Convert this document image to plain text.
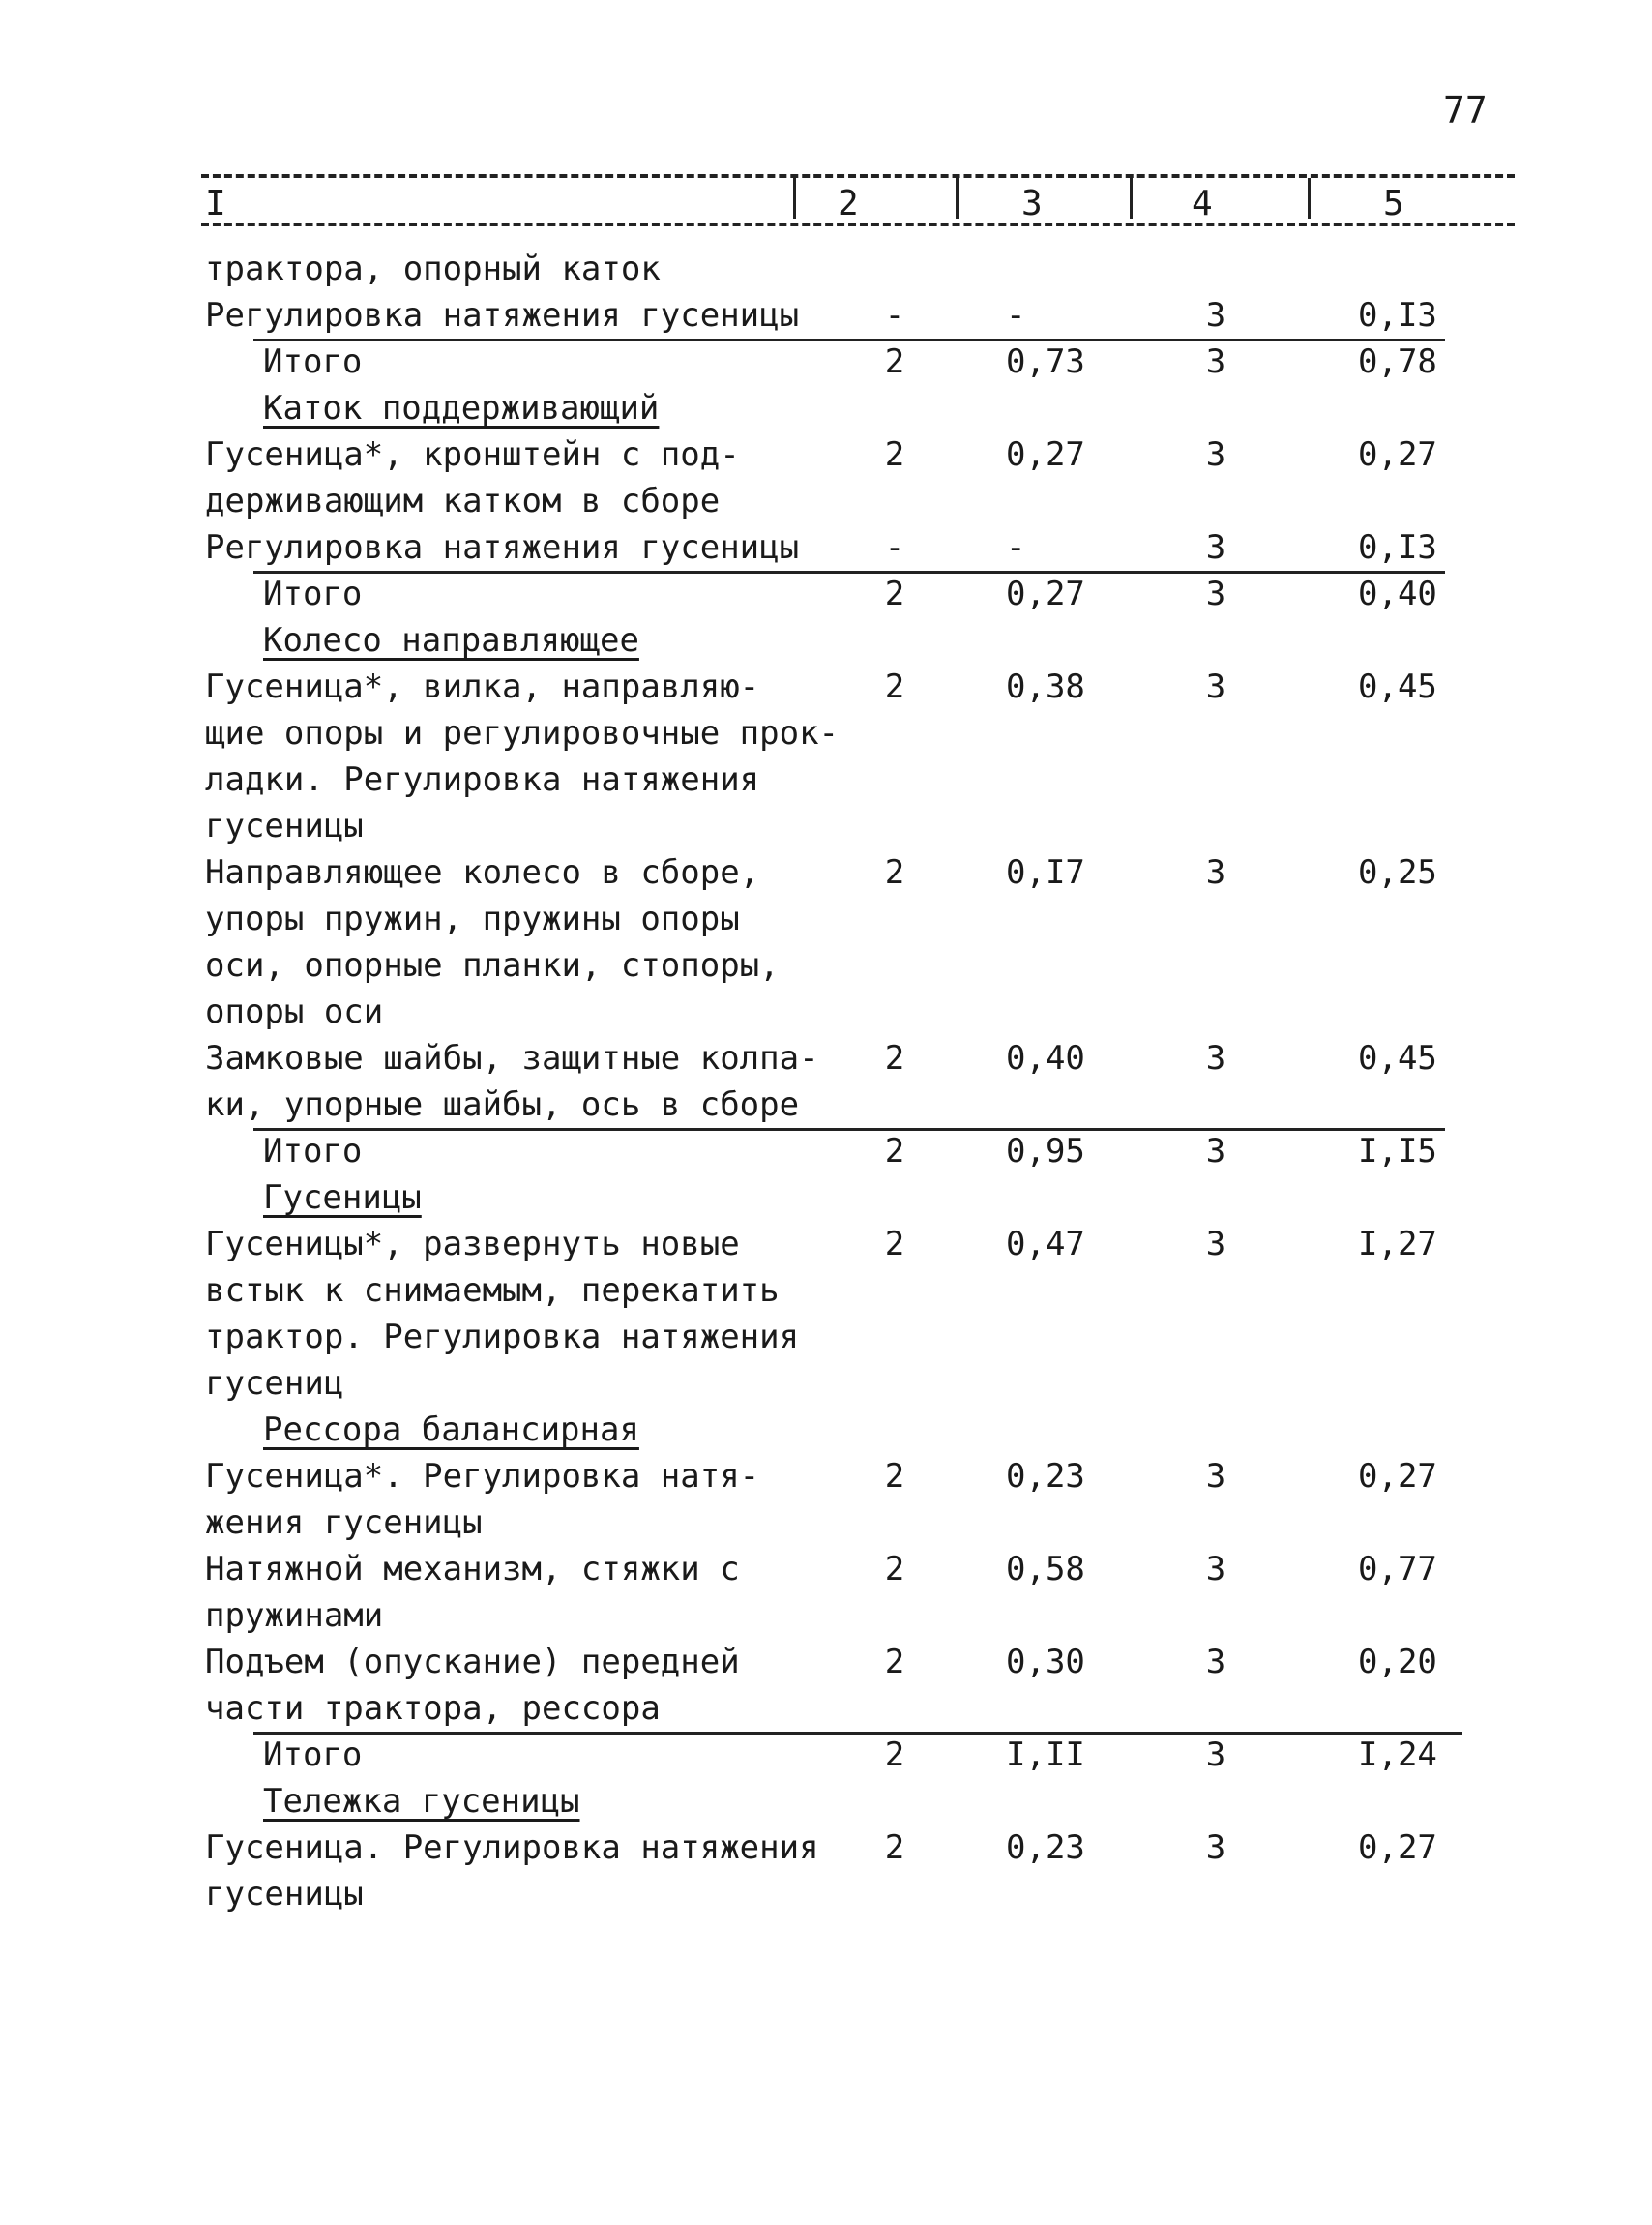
77
I	2	3	4	5
трактора, опорный каток
Регулировка натяжения гусеницы	-	-	3	0,I3
Итого	2	0,73	3	0,78
Каток поддерживающий
Гусеница*, кронштейн с под-
держивающим катком в сборе
2	0,27	3	0,27
Регулировка натяжения гусеницы	-	-	3	0,I3
Итого	2	0,27	3	0,40
Колесо направляющее
Гусеница*, вилка, направляю-
щие опоры и регулировочные прок-
ладки. Регулировка натяжения
гусеницы
2	0,38	3	0,45
Направляющее колесо в сборе,
упоры пружин, пружины опоры
оси, опорные планки, стопоры,
опоры оси
2	0,I7	3	0,25
Замковые шайбы, защитные колпа-
ки, упорные шайбы, ось в сборе
2	0,40	3	0,45
Итого	2	0,95	3	I,I5
Гусеницы
Гусеницы*, развернуть новые
встык к снимаемым, перекатить
трактор. Регулировка натяжения
гусениц
2	0,47	3	I,27
Рессора балансирная
Гусеница*. Регулировка натя-
жения гусеницы
2	0,23	3	0,27
Натяжной механизм, стяжки с
пружинами
2	0,58	3	0,77
Подъем (опускание) передней
части трактора, рессора
2	0,30	3	0,20
Итого	2	I,II	3	I,24
Тележка гусеницы
Гусеница. Регулировка натяжения
гусеницы
2	0,23	3	0,27
